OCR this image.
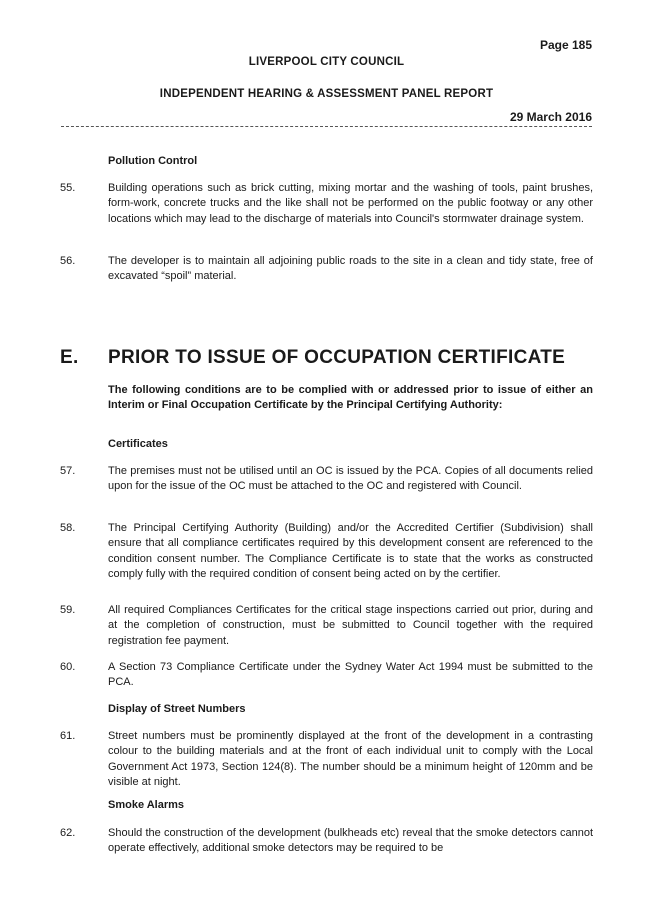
Page 185
LIVERPOOL CITY COUNCIL
INDEPENDENT HEARING & ASSESSMENT PANEL REPORT
29 March 2016
Pollution Control
55.	Building operations such as brick cutting, mixing mortar and the washing of tools, paint brushes, form-work, concrete trucks and the like shall not be performed on the public footway or any other locations which may lead to the discharge of materials into Council's stormwater drainage system.
56.	The developer is to maintain all adjoining public roads to the site in a clean and tidy state, free of excavated “spoil” material.
E. PRIOR TO ISSUE OF OCCUPATION CERTIFICATE
The following conditions are to be complied with or addressed prior to issue of either an Interim or Final Occupation Certificate by the Principal Certifying Authority:
Certificates
57.	The premises must not be utilised until an OC is issued by the PCA. Copies of all documents relied upon for the issue of the OC must be attached to the OC and registered with Council.
58.	The Principal Certifying Authority (Building) and/or the Accredited Certifier (Subdivision) shall ensure that all compliance certificates required by this development consent are referenced to the condition consent number. The Compliance Certificate is to state that the works as constructed comply fully with the required condition of consent being acted on by the certifier.
59.	All required Compliances Certificates for the critical stage inspections carried out prior, during and at the completion of construction, must be submitted to Council together with the required registration fee payment.
60.	A Section 73 Compliance Certificate under the Sydney Water Act 1994 must be submitted to the PCA.
Display of Street Numbers
61.	Street numbers must be prominently displayed at the front of the development in a contrasting colour to the building materials and at the front of each individual unit to comply with the Local Government Act 1973, Section 124(8). The number should be a minimum height of 120mm and be visible at night.
Smoke Alarms
62.	Should the construction of the development (bulkheads etc) reveal that the smoke detectors cannot operate effectively, additional smoke detectors may be required to be
